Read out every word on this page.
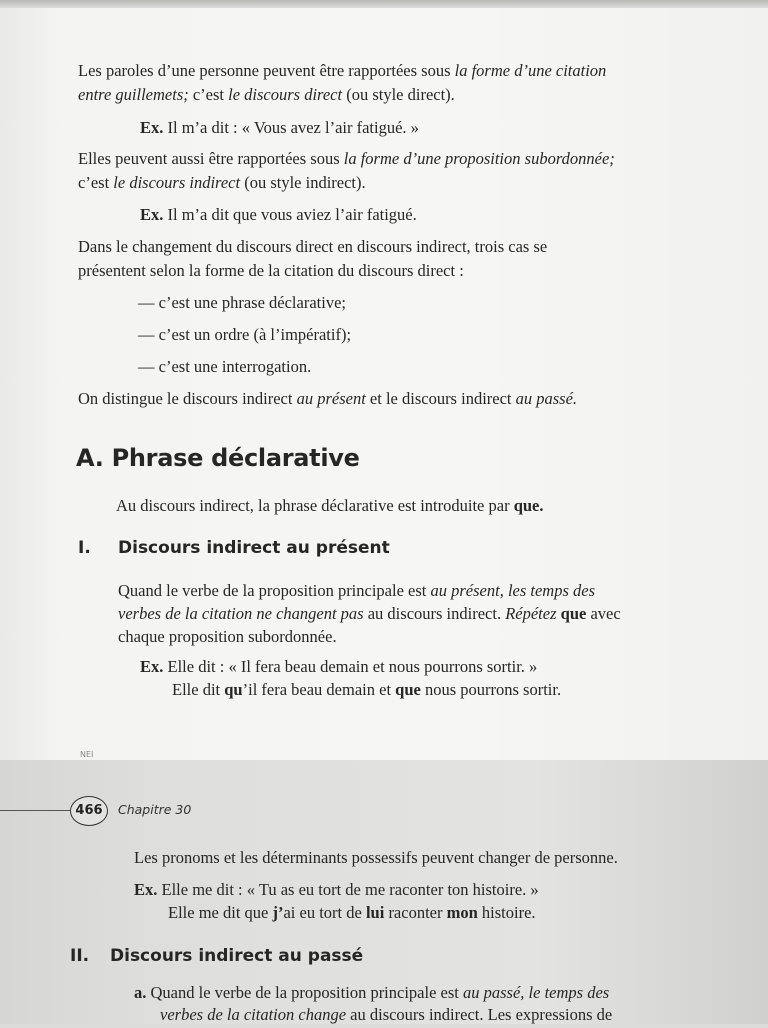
Les paroles d’une personne peuvent être rapportées sous la forme d’une citation
entre guillemets; c’est le discours direct (ou style direct).
Ex. Il m’a dit : « Vous avez l’air fatigué. »
Elles peuvent aussi être rapportées sous la forme d’une proposition subordonnée;
c’est le discours indirect (ou style indirect).
Ex. Il m’a dit que vous aviez l’air fatigué.
Dans le changement du discours direct en discours indirect, trois cas se
présentent selon la forme de la citation du discours direct :
— c’est une phrase déclarative;
— c’est un ordre (à l’impératif);
— c’est une interrogation.
On distingue le discours indirect au présent et le discours indirect au passé.
A. Phrase déclarative
Au discours indirect, la phrase déclarative est introduite par que.
I. Discours indirect au présent
Quand le verbe de la proposition principale est au présent, les temps des
verbes de la citation ne changent pas au discours indirect. Répétez que avec
chaque proposition subordonnée.
Ex. Elle dit : « Il fera beau demain et nous pourrons sortir. »
Elle dit qu’il fera beau demain et que nous pourrons sortir.
NEI
466	Chapitre 30
Les pronoms et les déterminants possessifs peuvent changer de personne.
Ex. Elle me dit : « Tu as eu tort de me raconter ton histoire. »
Elle me dit que j’ai eu tort de lui raconter mon histoire.
II. Discours indirect au passé
a. Quand le verbe de la proposition principale est au passé, le temps des
verbes de la citation change au discours indirect. Les expressions de
